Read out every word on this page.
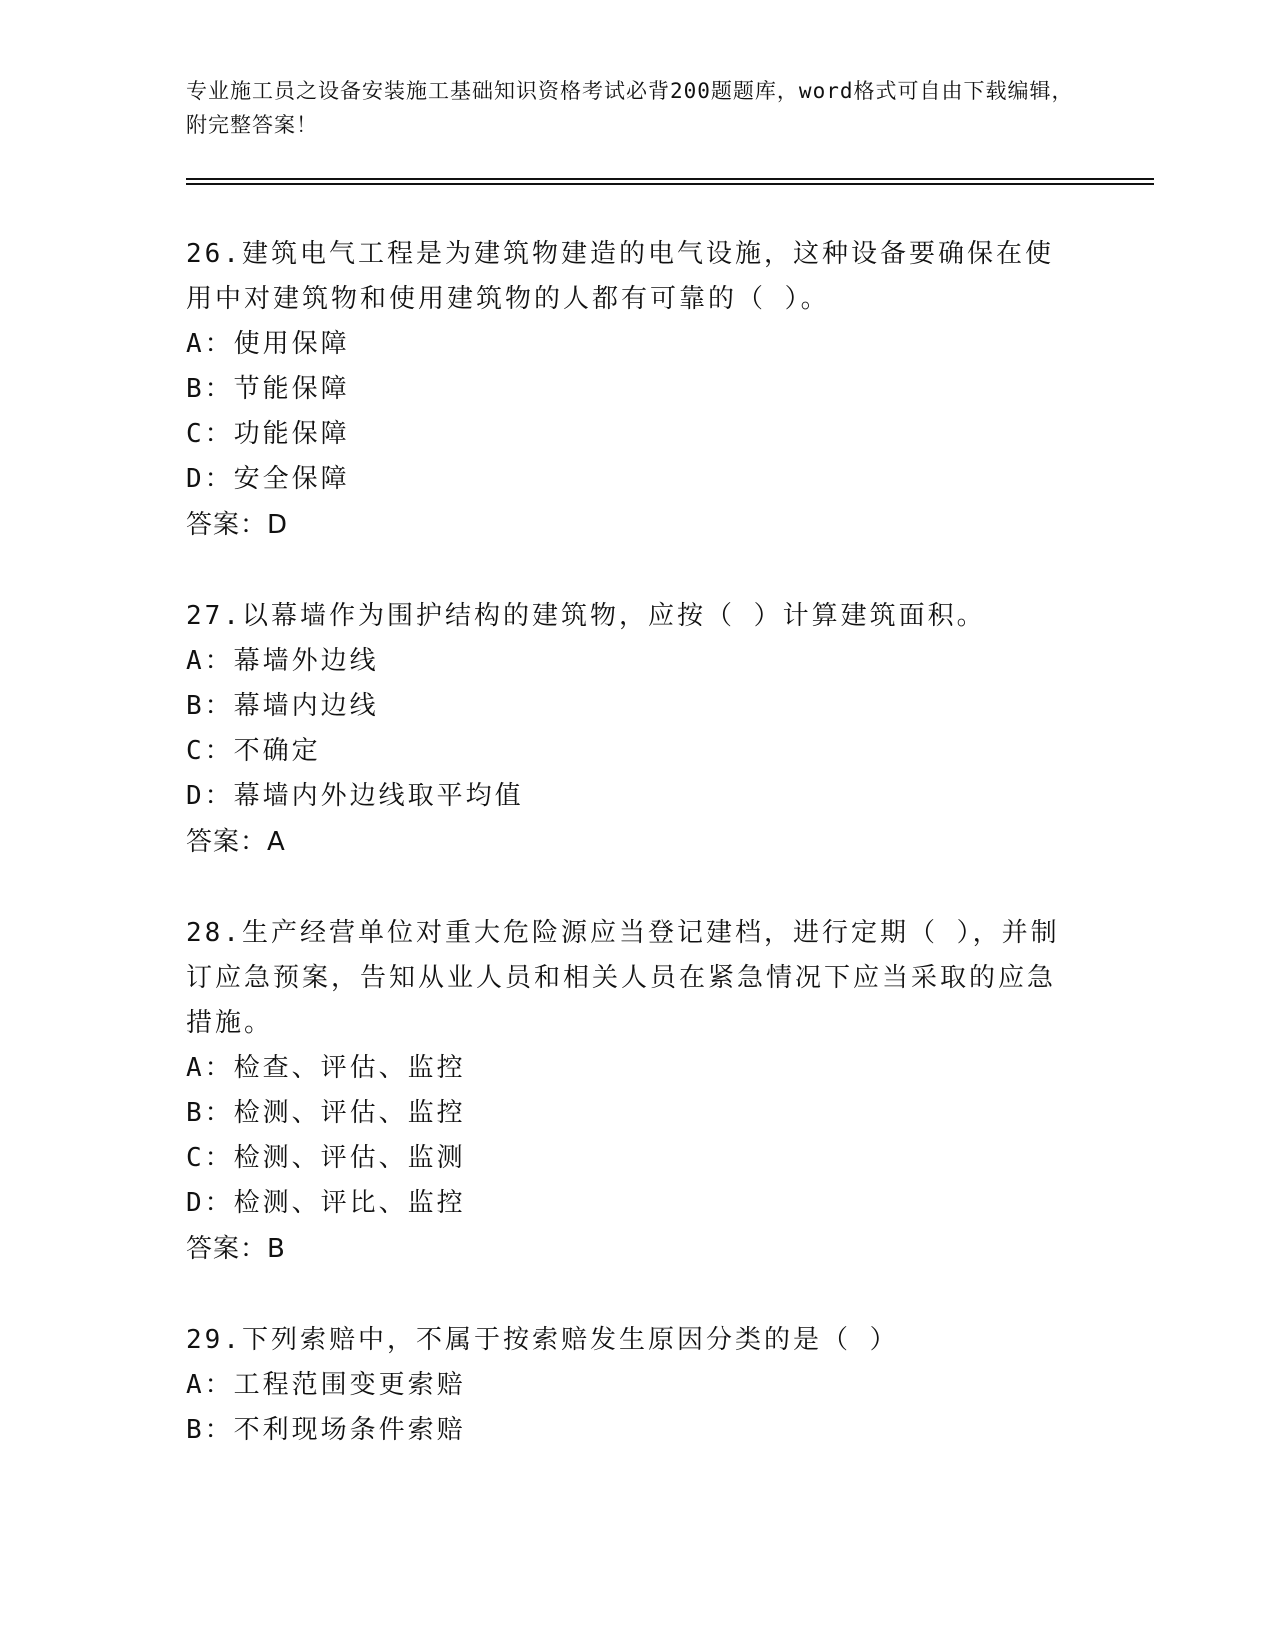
专业施工员之设备安装施工基础知识资格考试必背200题题库，word格式可自由下载编辑，附完整答案！
26.建筑电气工程是为建筑物建造的电气设施，这种设备要确保在使用中对建筑物和使用建筑物的人都有可靠的（ ）。
A：使用保障
B：节能保障
C：功能保障
D：安全保障
答案：D
27.以幕墙作为围护结构的建筑物，应按（ ）计算建筑面积。
A：幕墙外边线
B：幕墙内边线
C：不确定
D：幕墙内外边线取平均值
答案：A
28.生产经营单位对重大危险源应当登记建档，进行定期（ ），并制订应急预案，告知从业人员和相关人员在紧急情况下应当采取的应急措施。
A：检查、评估、监控
B：检测、评估、监控
C：检测、评估、监测
D：检测、评比、监控
答案：B
29.下列索赔中，不属于按索赔发生原因分类的是（ ）
A：工程范围变更索赔
B：不利现场条件索赔
